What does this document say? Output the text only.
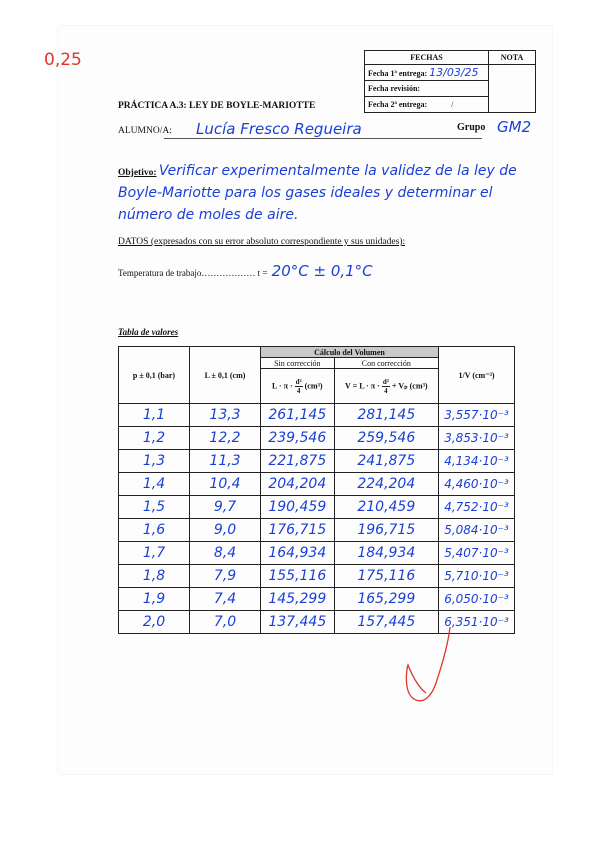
0,25	FECHAS	NOTA
Fecha 1ª entrega: 13/03/25	
Fecha revisión:	
Fecha 2ª entrega: /	
PRÁCTICA A.3: LEY DE BOYLE-MARIOTTE
ALUMNO/A: Lucía Fresco Regueira	Grupo GM2
Objetivo: Verificar experimentalmente la validez de la ley de Boyle-Mariotte para los gases ideales y determinar el número de moles de aire.
DATOS (expresados con su error absoluto correspondiente y sus unidades):
Temperatura de trabajo……………… t = 20°C ± 0,1°C
Tabla de valores
p ± 0,1 (bar)	L ± 0,1 (cm)	Cálculo del Volumen		1/V (cm⁻³)
		Sin corrección	Con corrección	
		$L \cdot \pi \cdot \frac{\text{d²}}{4} (cm^3)$	$V = L \cdot \pi \cdot \frac{\text{d²}}{4} + V_p$ (cm³)	
1,1	13,3	261,145	281,145	3,557·10⁻³
1,2	12,2	239,546	259,546	3,853·10⁻³
1,3	11,3	221,875	241,875	4,134·10⁻³
1,4	10,4	204,204	224,204	4,460·10⁻³
1,5	9,7	190,459	210,459	4,752·10⁻³
1,6	9,0	176,715	196,715	5,084·10⁻³
1,7	8,4	164,934	184,934	5,407·10⁻³
1,8	7,9	155,116	175,116	5,710·10⁻³
1,9	7,4	145,299	165,299	6,050·10⁻³
2,0	7,0	137,445	157,445	6,351·10⁻³
